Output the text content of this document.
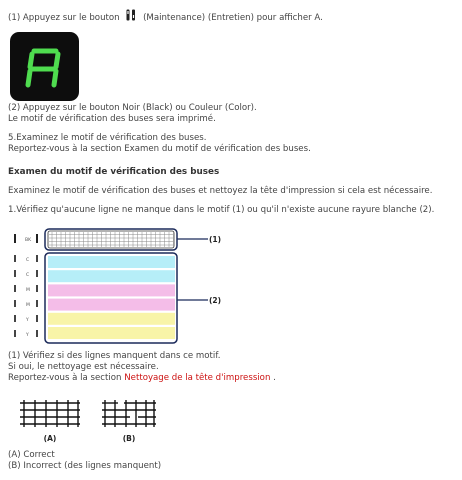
(1) Appuyez sur le bouton	(Maintenance) (Entretien) pour afficher A.
(2) Appuyez sur le bouton Noir (Black) ou Couleur (Color).
Le motif de vérification des buses sera imprimé.
5.Examinez le motif de vérification des buses.
Reportez-vous à la section Examen du motif de vérification des buses.
Examen du motif de vérification des buses
Examinez le motif de vérification des buses et nettoyez la tête d'impression si cela est nécessaire.
1.Vérifiez qu'aucune ligne ne manque dans le motif (1) ou qu'il n'existe aucune rayure blanche (2).
BK
C
C
M
M
Y
Y
(1)
(2)
(1) Vérifiez si des lignes manquent dans ce motif.
Si oui, le nettoyage est nécessaire.
Reportez-vous à la section Nettoyage de la tête d'impression .
(A)	(B)
(A) Correct
(B) Incorrect (des lignes manquent)
